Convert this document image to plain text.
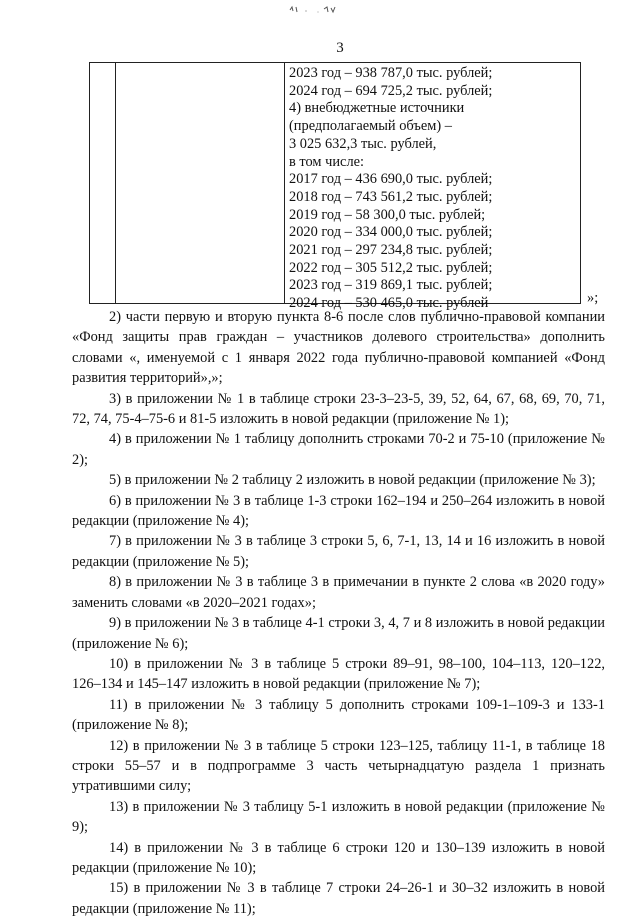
3
2023 год – 938 787,0 тыс. рублей;
2024 год – 694 725,2 тыс. рублей;
4) внебюджетные источники
(предполагаемый объем) –
3 025 632,3 тыс. рублей,
в том числе:
2017 год – 436 690,0 тыс. рублей;
2018 год – 743 561,2 тыс. рублей;
2019 год – 58 300,0 тыс. рублей;
2020 год – 334 000,0 тыс. рублей;
2021 год – 297 234,8 тыс. рублей;
2022 год – 305 512,2 тыс. рублей;
2023 год – 319 869,1 тыс. рублей;
2024 год – 530 465,0 тыс. рублей	»;

2) части первую и вторую пункта 8-6 после слов публично-правовой компании «Фонд защиты прав граждан – участников долевого строительства» дополнить словами «, именуемой с 1 января 2022 года публично-правовой компанией «Фонд развития территорий»,»;

3) в приложении № 1 в таблице строки 23-3–23-5, 39, 52, 64, 67, 68, 69, 70, 71, 72, 74, 75-4–75-6 и 81-5 изложить в новой редакции (приложение № 1);

4) в приложении № 1 таблицу дополнить строками 70-2 и 75-10 (приложение № 2);

5) в приложении № 2 таблицу 2 изложить в новой редакции (приложение № 3);

6) в приложении № 3 в таблице 1-3 строки 162–194 и 250–264 изложить в новой редакции (приложение № 4);

7) в приложении № 3 в таблице 3 строки 5, 6, 7-1, 13, 14 и 16 изложить в новой редакции (приложение № 5);

8) в приложении № 3 в таблице 3 в примечании в пункте 2 слова «в 2020 году» заменить словами «в 2020–2021 годах»;

9) в приложении № 3 в таблице 4-1 строки 3, 4, 7 и 8 изложить в новой редакции (приложение № 6);

10) в приложении № 3 в таблице 5 строки 89–91, 98–100, 104–113, 120–122, 126–134 и 145–147 изложить в новой редакции (приложение № 7);

11) в приложении № 3 таблицу 5 дополнить строками 109-1–109-3 и 133-1 (приложение № 8);

12) в приложении № 3 в таблице 5 строки 123–125, таблицу 11-1, в таблице 18 строки 55–57 и в подпрограмме 3 часть четырнадцатую раздела 1 признать утратившими силу;

13) в приложении № 3 таблицу 5-1 изложить в новой редакции (приложение № 9);

14) в приложении № 3 в таблице 6 строки 120 и 130–139 изложить в новой редакции (приложение № 10);

15) в приложении № 3 в таблице 7 строки 24–26-1 и 30–32 изложить в новой редакции (приложение № 11);
